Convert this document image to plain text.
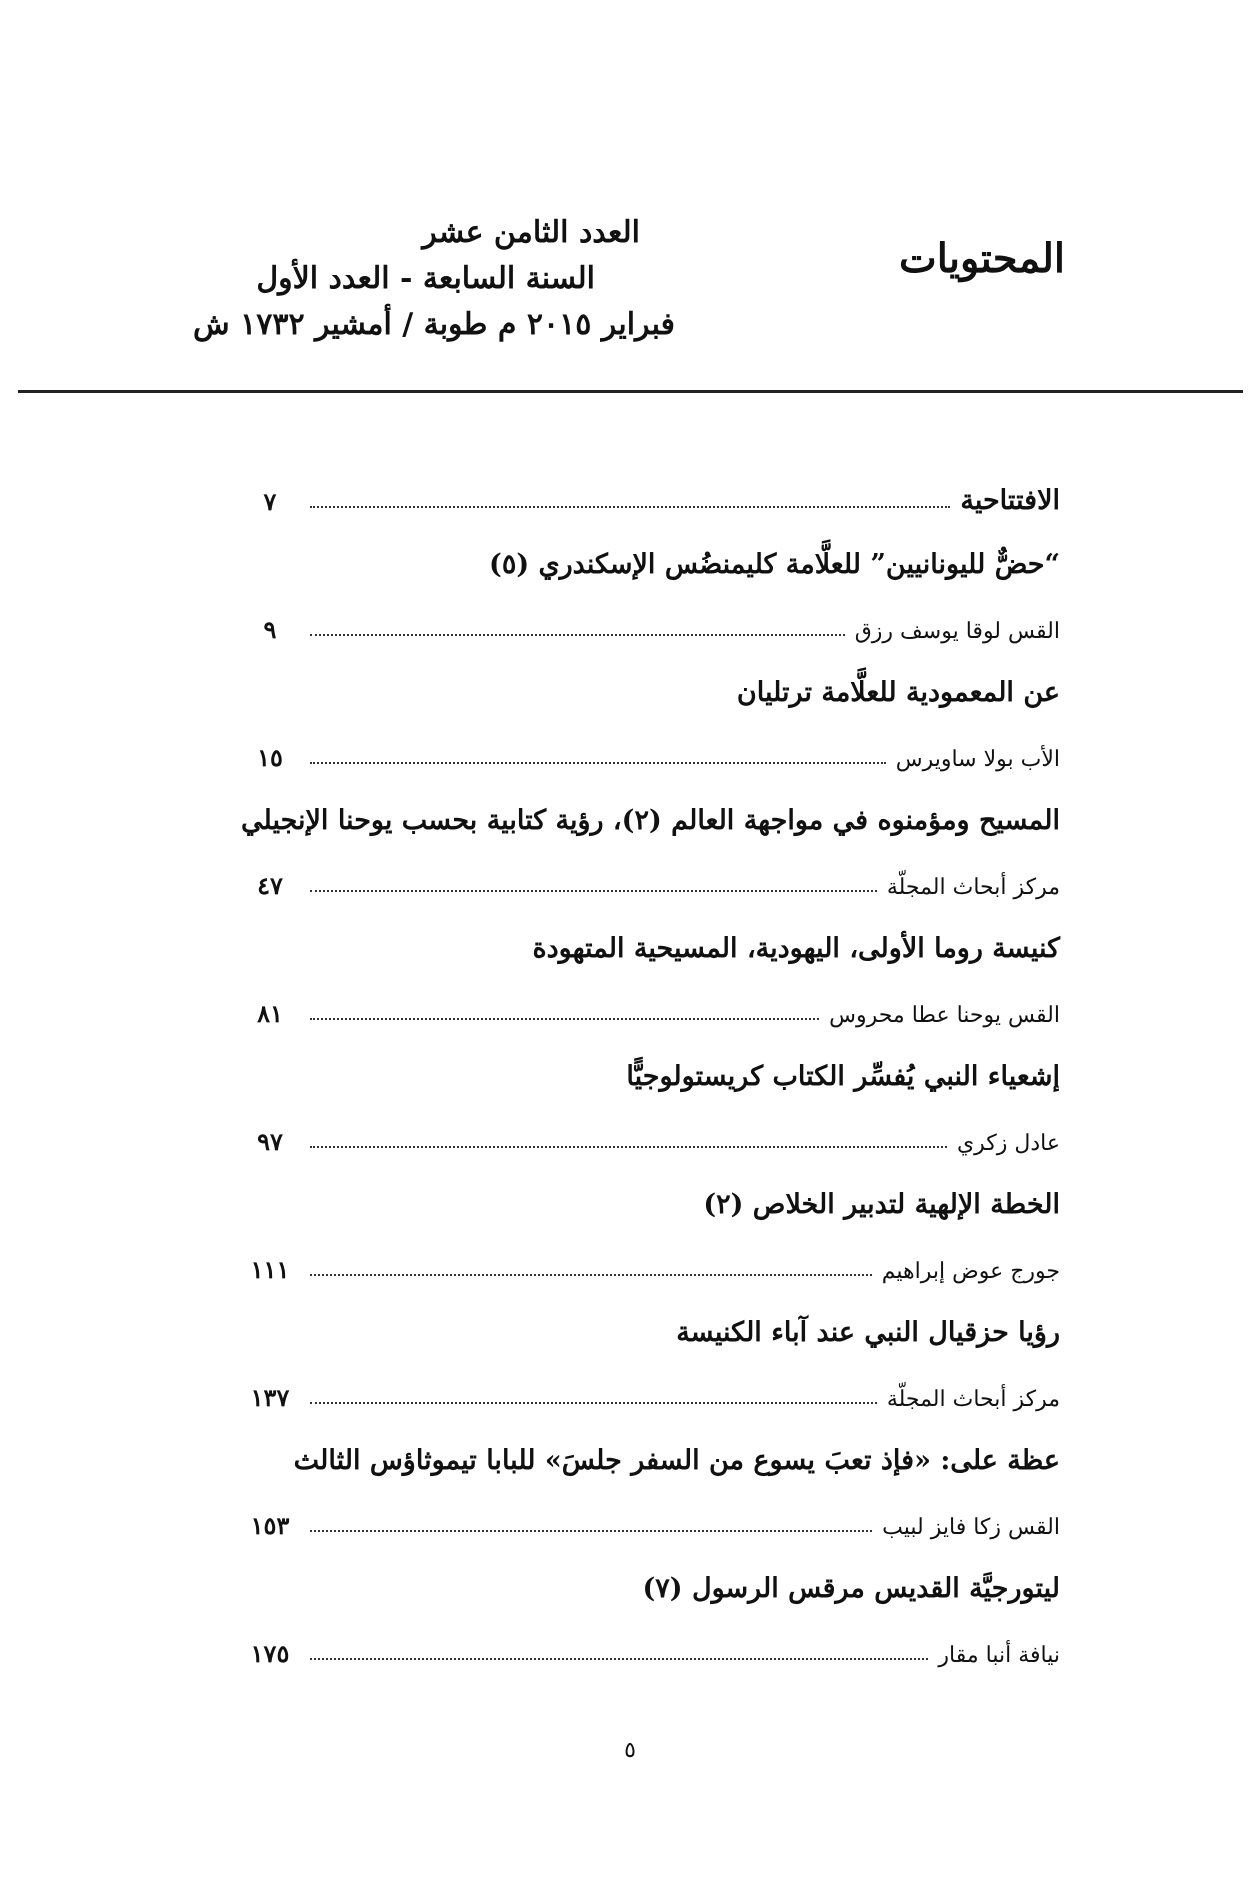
المحتويات
العدد الثامن عشر
السنة السابعة - العدد الأول
فبراير ٢٠١٥ م طوبة / أمشير ١٧٣٢ ش
الافتتاحية
٧
“حضٌّ لليونانيين” للعلَّامة كليمنضُس الإسكندري (٥)
القس لوقا يوسف رزق
٩
عن المعمودية للعلَّامة ترتليان
الأب بولا ساويرس
١٥
المسيح ومؤمنوه في مواجهة العالم (٢)، رؤية كتابية بحسب يوحنا الإنجيلي
مركز أبحاث المجلّة
٤٧
كنيسة روما الأولى، اليهودية، المسيحية المتهودة
القس يوحنا عطا محروس
٨١
إشعياء النبي يُفسِّر الكتاب كريستولوجيًّا
عادل زكري
٩٧
الخطة الإلهية لتدبير الخلاص (٢)
جورج عوض إبراهيم
١١١
رؤيا حزقيال النبي عند آباء الكنيسة
مركز أبحاث المجلّة
١٣٧
عظة على: «فإذ تعبَ يسوع من السفر جلسَ» للبابا تيموثاؤس الثالث
القس زكا فايز لبيب
١٥٣
ليتورجيَّة القديس مرقس الرسول (٧)
نيافة أنبا مقار
١٧٥
٥
